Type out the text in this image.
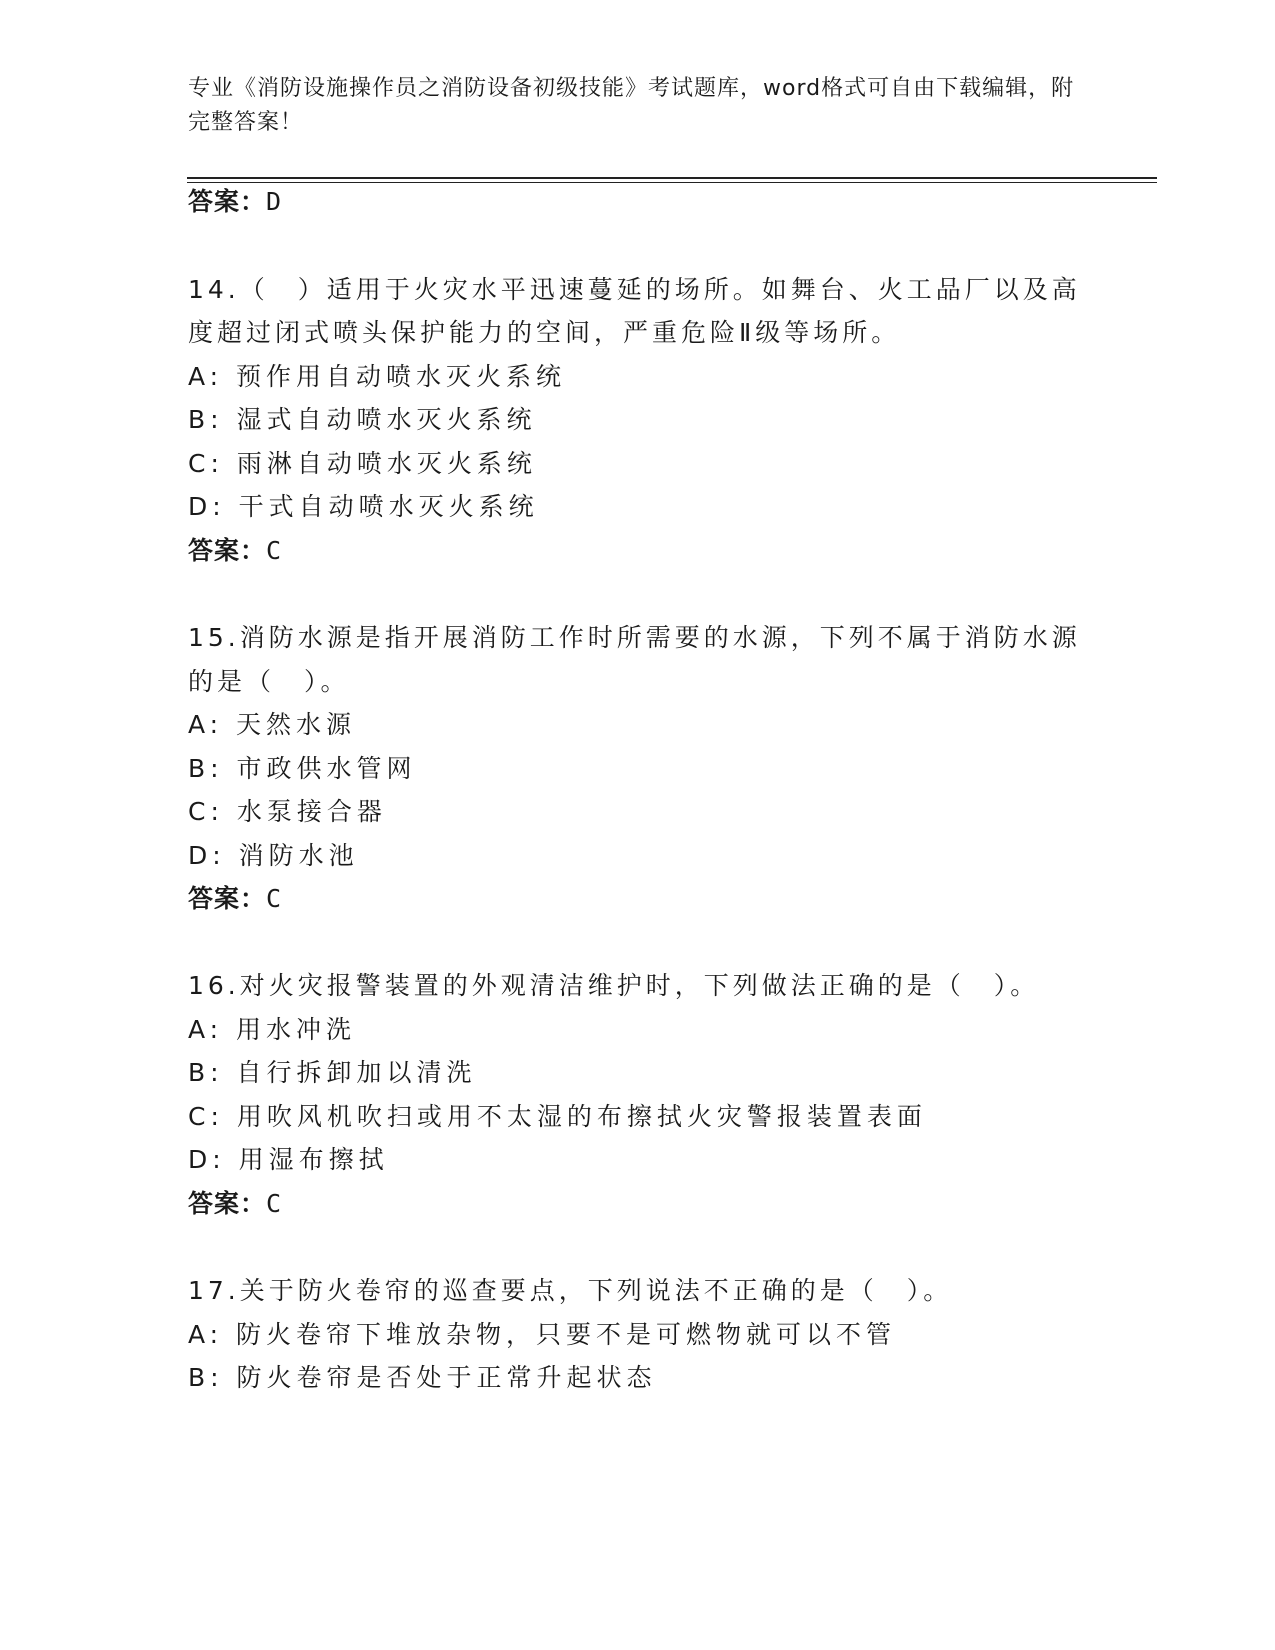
专业《消防设施操作员之消防设备初级技能》考试题库，word格式可自由下载编辑，附完整答案！
答案：D
14.（　）适用于火灾水平迅速蔓延的场所。如舞台、火工品厂以及高
度超过闭式喷头保护能力的空间，严重危险Ⅱ级等场所。
A: 预作用自动喷水灭火系统
B: 湿式自动喷水灭火系统
C: 雨淋自动喷水灭火系统
D: 干式自动喷水灭火系统
答案：C
15.消防水源是指开展消防工作时所需要的水源，下列不属于消防水源
的是（　）。
A: 天然水源
B: 市政供水管网
C: 水泵接合器
D: 消防水池
答案：C
16.对火灾报警装置的外观清洁维护时，下列做法正确的是（　）。
A: 用水冲洗
B: 自行拆卸加以清洗
C: 用吹风机吹扫或用不太湿的布擦拭火灾警报装置表面
D: 用湿布擦拭
答案：C
17.关于防火卷帘的巡查要点，下列说法不正确的是（　）。
A: 防火卷帘下堆放杂物，只要不是可燃物就可以不管
B: 防火卷帘是否处于正常升起状态
